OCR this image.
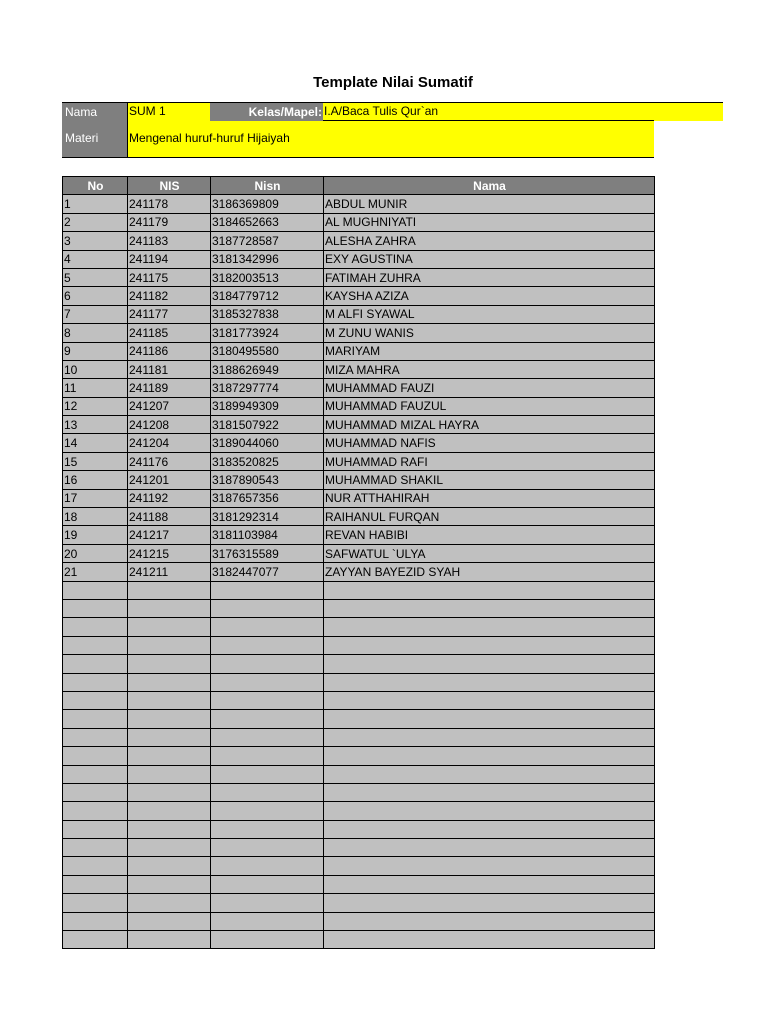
Template Nilai Sumatif
Nama	SUM 1	Kelas/Mapel: I.A/Baca Tulis Qur`an
Materi	Mengenal huruf-huruf Hijaiyah
No	NIS	Nisn	Nama
1	241178	3186369809	ABDUL MUNIR
2	241179	3184652663	AL MUGHNIYATI
3	241183	3187728587	ALESHA ZAHRA
4	241194	3181342996	EXY AGUSTINA
5	241175	3182003513	FATIMAH ZUHRA
6	241182	3184779712	KAYSHA AZIZA
7	241177	3185327838	M ALFI SYAWAL
8	241185	3181773924	M ZUNU WANIS
9	241186	3180495580	MARIYAM
10	241181	3188626949	MIZA MAHRA
11	241189	3187297774	MUHAMMAD FAUZI
12	241207	3189949309	MUHAMMAD FAUZUL
13	241208	3181507922	MUHAMMAD MIZAL HAYRA
14	241204	3189044060	MUHAMMAD NAFIS
15	241176	3183520825	MUHAMMAD RAFI
16	241201	3187890543	MUHAMMAD SHAKIL
17	241192	3187657356	NUR ATTHAHIRAH
18	241188	3181292314	RAIHANUL FURQAN
19	241217	3181103984	REVAN HABIBI
20	241215	3176315589	SAFWATUL `ULYA
21	241211	3182447077	ZAYYAN BAYEZID SYAH
